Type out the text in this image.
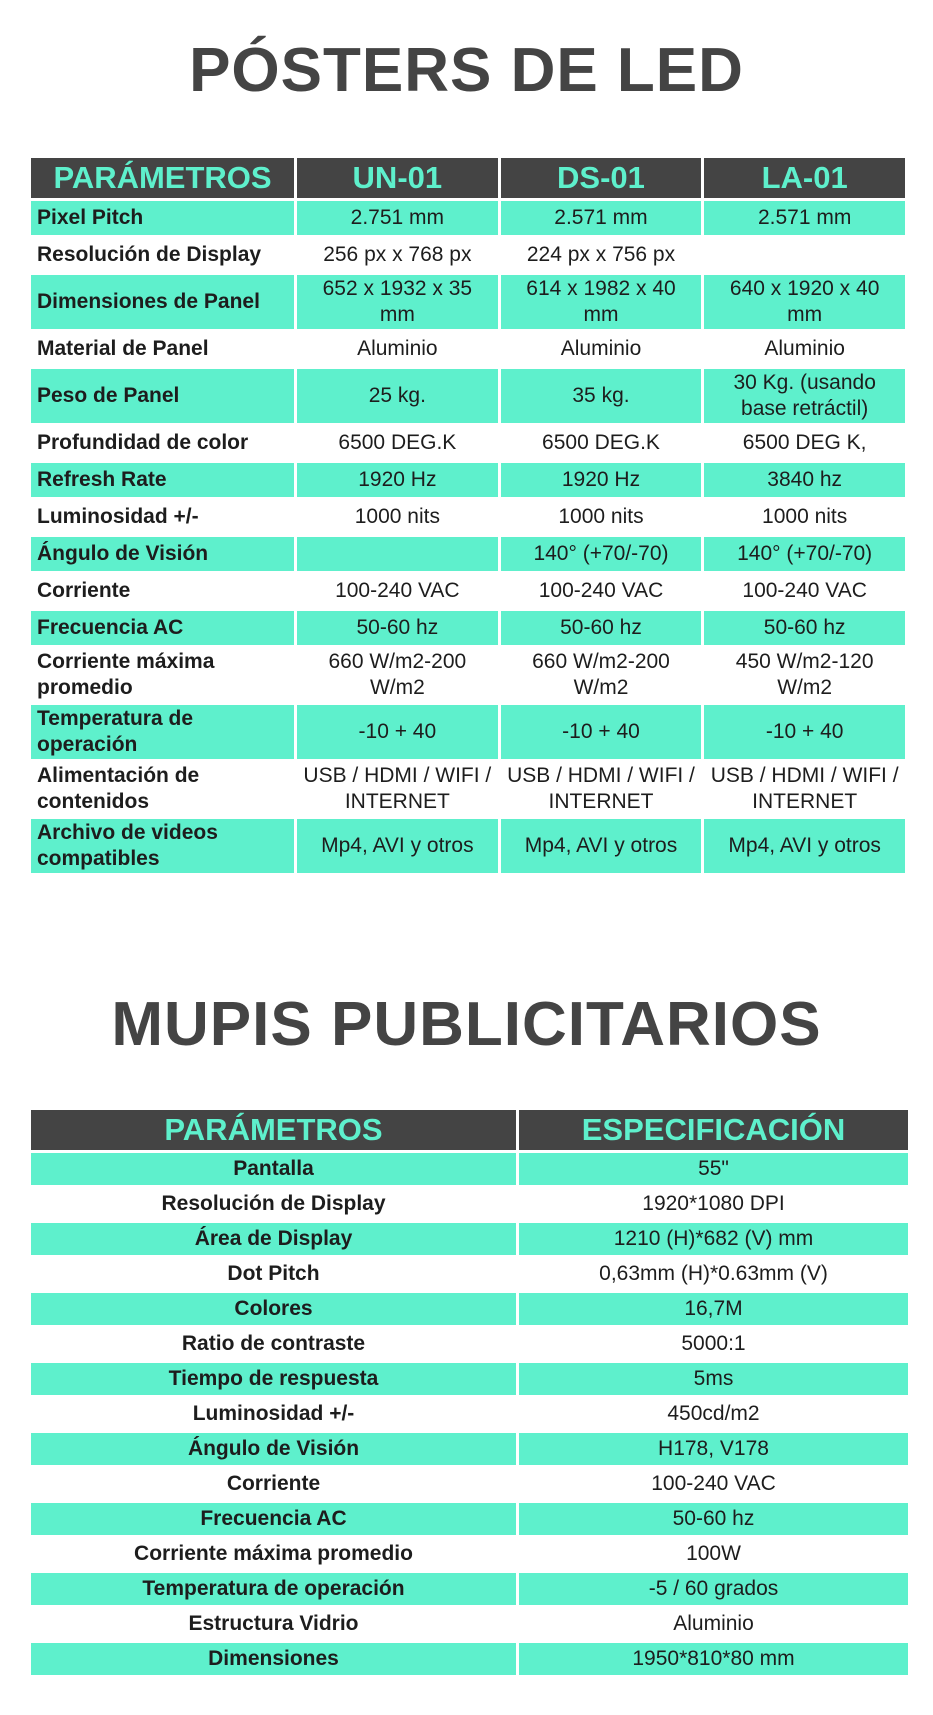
PÓSTERS DE LED
PARÁMETROS	UN-01	DS-01	LA-01
Pixel Pitch	2.751 mm	2.571 mm	2.571 mm
Resolución de Display	256 px x 768 px	224 px x 756 px	
Dimensiones de Panel	652 x 1932 x 35 mm	614 x 1982 x 40 mm	640 x 1920 x 40 mm
Material de Panel	Aluminio	Aluminio	Aluminio
Peso de Panel	25 kg.	35 kg.	30 Kg. (usando base retráctil)
Profundidad de color	6500 DEG.K	6500 DEG.K	6500 DEG K,
Refresh Rate	1920 Hz	1920 Hz	3840 hz
Luminosidad +/-	1000 nits	1000 nits	1000 nits
Ángulo de Visión		140° (+70/-70)	140° (+70/-70)
Corriente	100-240 VAC	100-240 VAC	100-240 VAC
Frecuencia AC	50-60 hz	50-60 hz	50-60 hz
Corriente máxima promedio	660 W/m2-200 W/m2	660 W/m2-200 W/m2	450 W/m2-120 W/m2
Temperatura de operación	-10 + 40	-10 + 40	-10 + 40
Alimentación de contenidos	USB / HDMI / WIFI / INTERNET	USB / HDMI / WIFI / INTERNET	USB / HDMI / WIFI / INTERNET
Archivo de videos compatibles	Mp4, AVI y otros	Mp4, AVI y otros	Mp4, AVI y otros
MUPIS PUBLICITARIOS
PARÁMETROS	ESPECIFICACIÓN
Pantalla	55"
Resolución de Display	1920*1080 DPI
Área de Display	1210 (H)*682 (V) mm
Dot Pitch	0,63mm (H)*0.63mm (V)
Colores	16,7M
Ratio de contraste	5000:1
Tiempo de respuesta	5ms
Luminosidad +/-	450cd/m2
Ángulo de Visión	H178, V178
Corriente	100-240 VAC
Frecuencia AC	50-60 hz
Corriente máxima promedio	100W
Temperatura de operación	-5 / 60 grados
Estructura Vidrio	Aluminio
Dimensiones	1950*810*80 mm
